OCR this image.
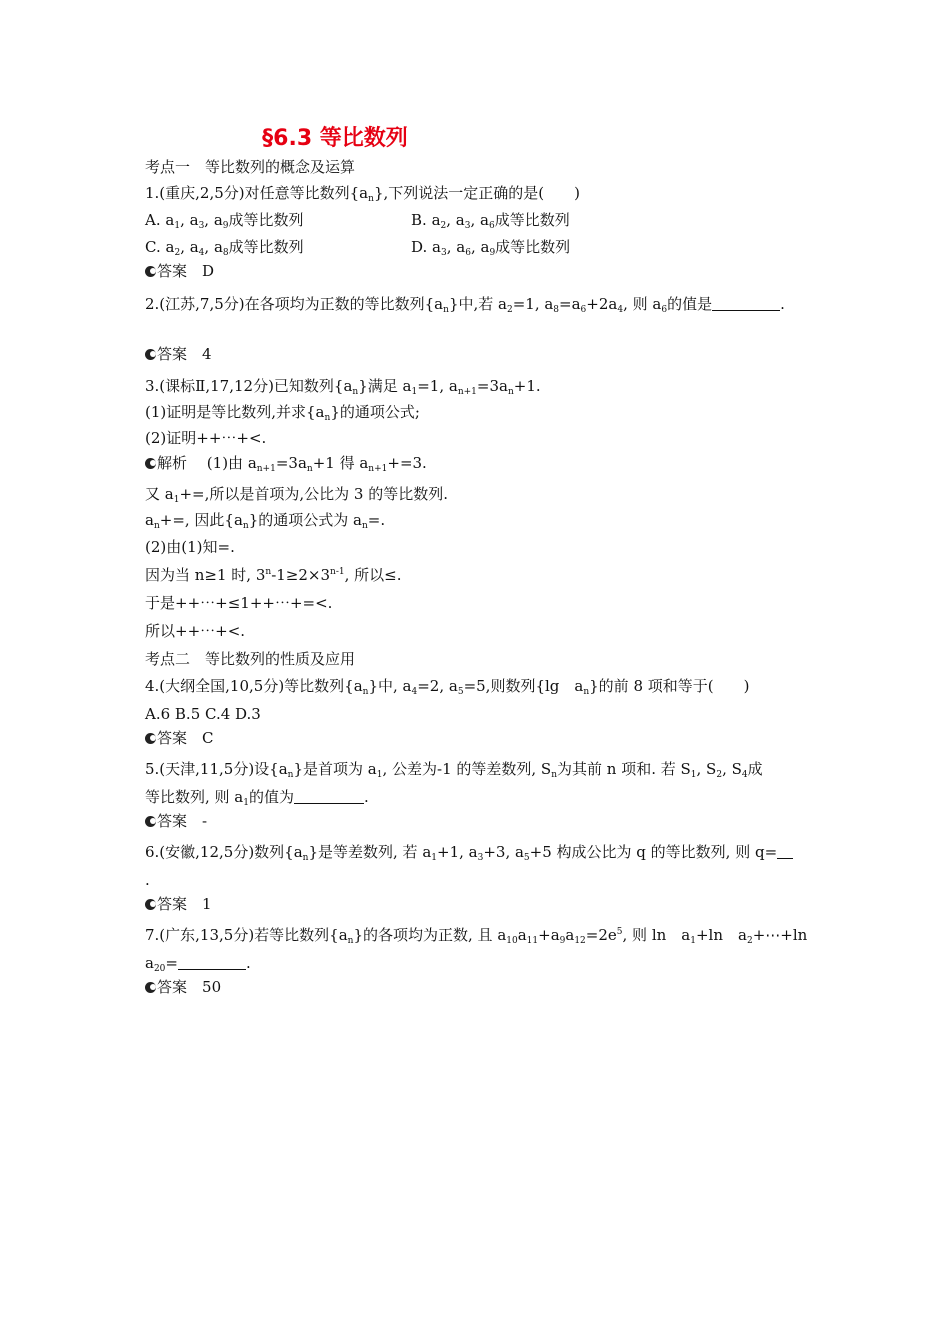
§6.3 等比数列
考点一　等比数列的概念及运算
1.(重庆,2,5分)对任意等比数列$\{a_n\}$,下列说法一定正确的是(　　)
A. $a_1$, $a_3$, $a_9$成等比数列	B. $a_2$, $a_3$, $a_6$成等比数列
C. $a_2$, $a_4$, $a_8$成等比数列	D. $a_3$, $a_6$, $a_9$成等比数列
答案　 D
2.(江苏,7,5分)在各项均为正数的等比数列$\{a_n\}$中,若 $a_2=1$, $a_8=a_6+2a_4$, 则 $a_6$的值是	.
答案　 4
3.(课标Ⅱ,17,12分)已知数列$\{a_n\}$满足 $a_1=1$, $a_{n+1}=3a_n+1$.
(1)证明是等比数列,并求$\{a_n\}$的通项公式;
(2)证明++⋯+<.
解析　 (1)由 $a_{n+1}=3a_n+1$ 得 $a_{n+1}+=3$.
又 $a_1+=$,所以是首项为,公比为 3 的等比数列.
$a_n+=$, 因此$\{a_n\}$的通项公式为 $a_n=$.
(2)由(1)知=.
因为当 n≥1 时, $3^n-1\ge 2\times 3^{n-1}$, 所以≤.
于是++⋯+≤1++⋯+=<.
所以++⋯+<.
考点二　等比数列的性质及应用
4.(大纲全国,10,5分)等比数列$\{a_n\}$中, $a_4=2$, $a_5=5$,则数列{lg　$a_n$}的前 8 项和等于(　　)
A.6 B.5 C.4 D.3
答案　 C
5.(天津,11,5分)设$\{a_n\}$是首项为 $a_1$, 公差为-1 的等差数列, $S_n$为其前 n 项和. 若 $S_1$, $S_2$, $S_4$成
等比数列, 则 $a_1$的值为	.
答案　 -
6.(安徽,12,5分)数列$\{a_n\}$是等差数列, 若 $a_1+1$, $a_3+3$, $a_5+5$ 构成公比为 q 的等比数列, 则 q=
.
答案　 1
7.(广东,13,5分)若等比数列$\{a_n\}$的各项均为正数, 且 $a_{10}a_{11}+a_9a_{12}=2e^5$, 则 ln　$a_1+\ln$　$a_2+\cdots+\ln$
$a_{20}=$	.
答案　 50
